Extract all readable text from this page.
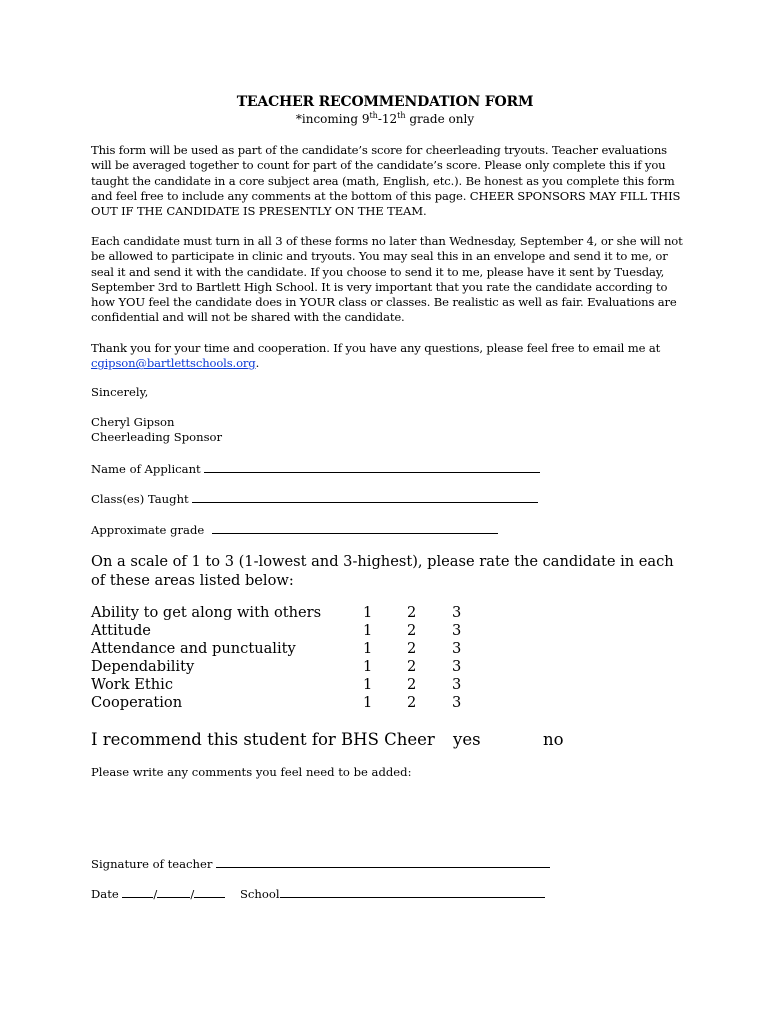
TEACHER RECOMMENDATION FORM
*incoming 9th-12th grade only
This form will be used as part of the candidate’s score for cheerleading tryouts. Teacher evaluations will be averaged together to count for part of the candidate’s score. Please only complete this if you taught the candidate in a core subject area (math, English, etc.). Be honest as you complete this form and feel free to include any comments at the bottom of this page. CHEER SPONSORS MAY FILL THIS OUT IF THE CANDIDATE IS PRESENTLY ON THE TEAM.
Each candidate must turn in all 3 of these forms no later than Wednesday, September 4, or she will not be allowed to participate in clinic and tryouts. You may seal this in an envelope and send it to me, or seal it and send it with the candidate. If you choose to send it to me, please have it sent by Tuesday, September 3rd to Bartlett High School. It is very important that you rate the candidate according to how YOU feel the candidate does in YOUR class or classes. Be realistic as well as fair. Evaluations are confidential and will not be shared with the candidate.
Thank you for your time and cooperation. If you have any questions, please feel free to email me at cgipson@bartlettschools.org.
Sincerely,
Cheryl Gipson
Cheerleading Sponsor
Name of Applicant
Class(es) Taught
Approximate grade
On a scale of 1 to 3 (1-lowest and 3-highest), please rate the candidate in each of these areas listed below:
Ability to get along with others	1 2 3
Attitude	1 2 3
Attendance and punctuality	1 2 3
Dependability	1 2 3
Work Ethic	1 2 3
Cooperation	1 2 3
I recommend this student for BHS Cheer yes	no
Please write any comments you feel need to be added:
Signature of teacher
Date	/	/	School
